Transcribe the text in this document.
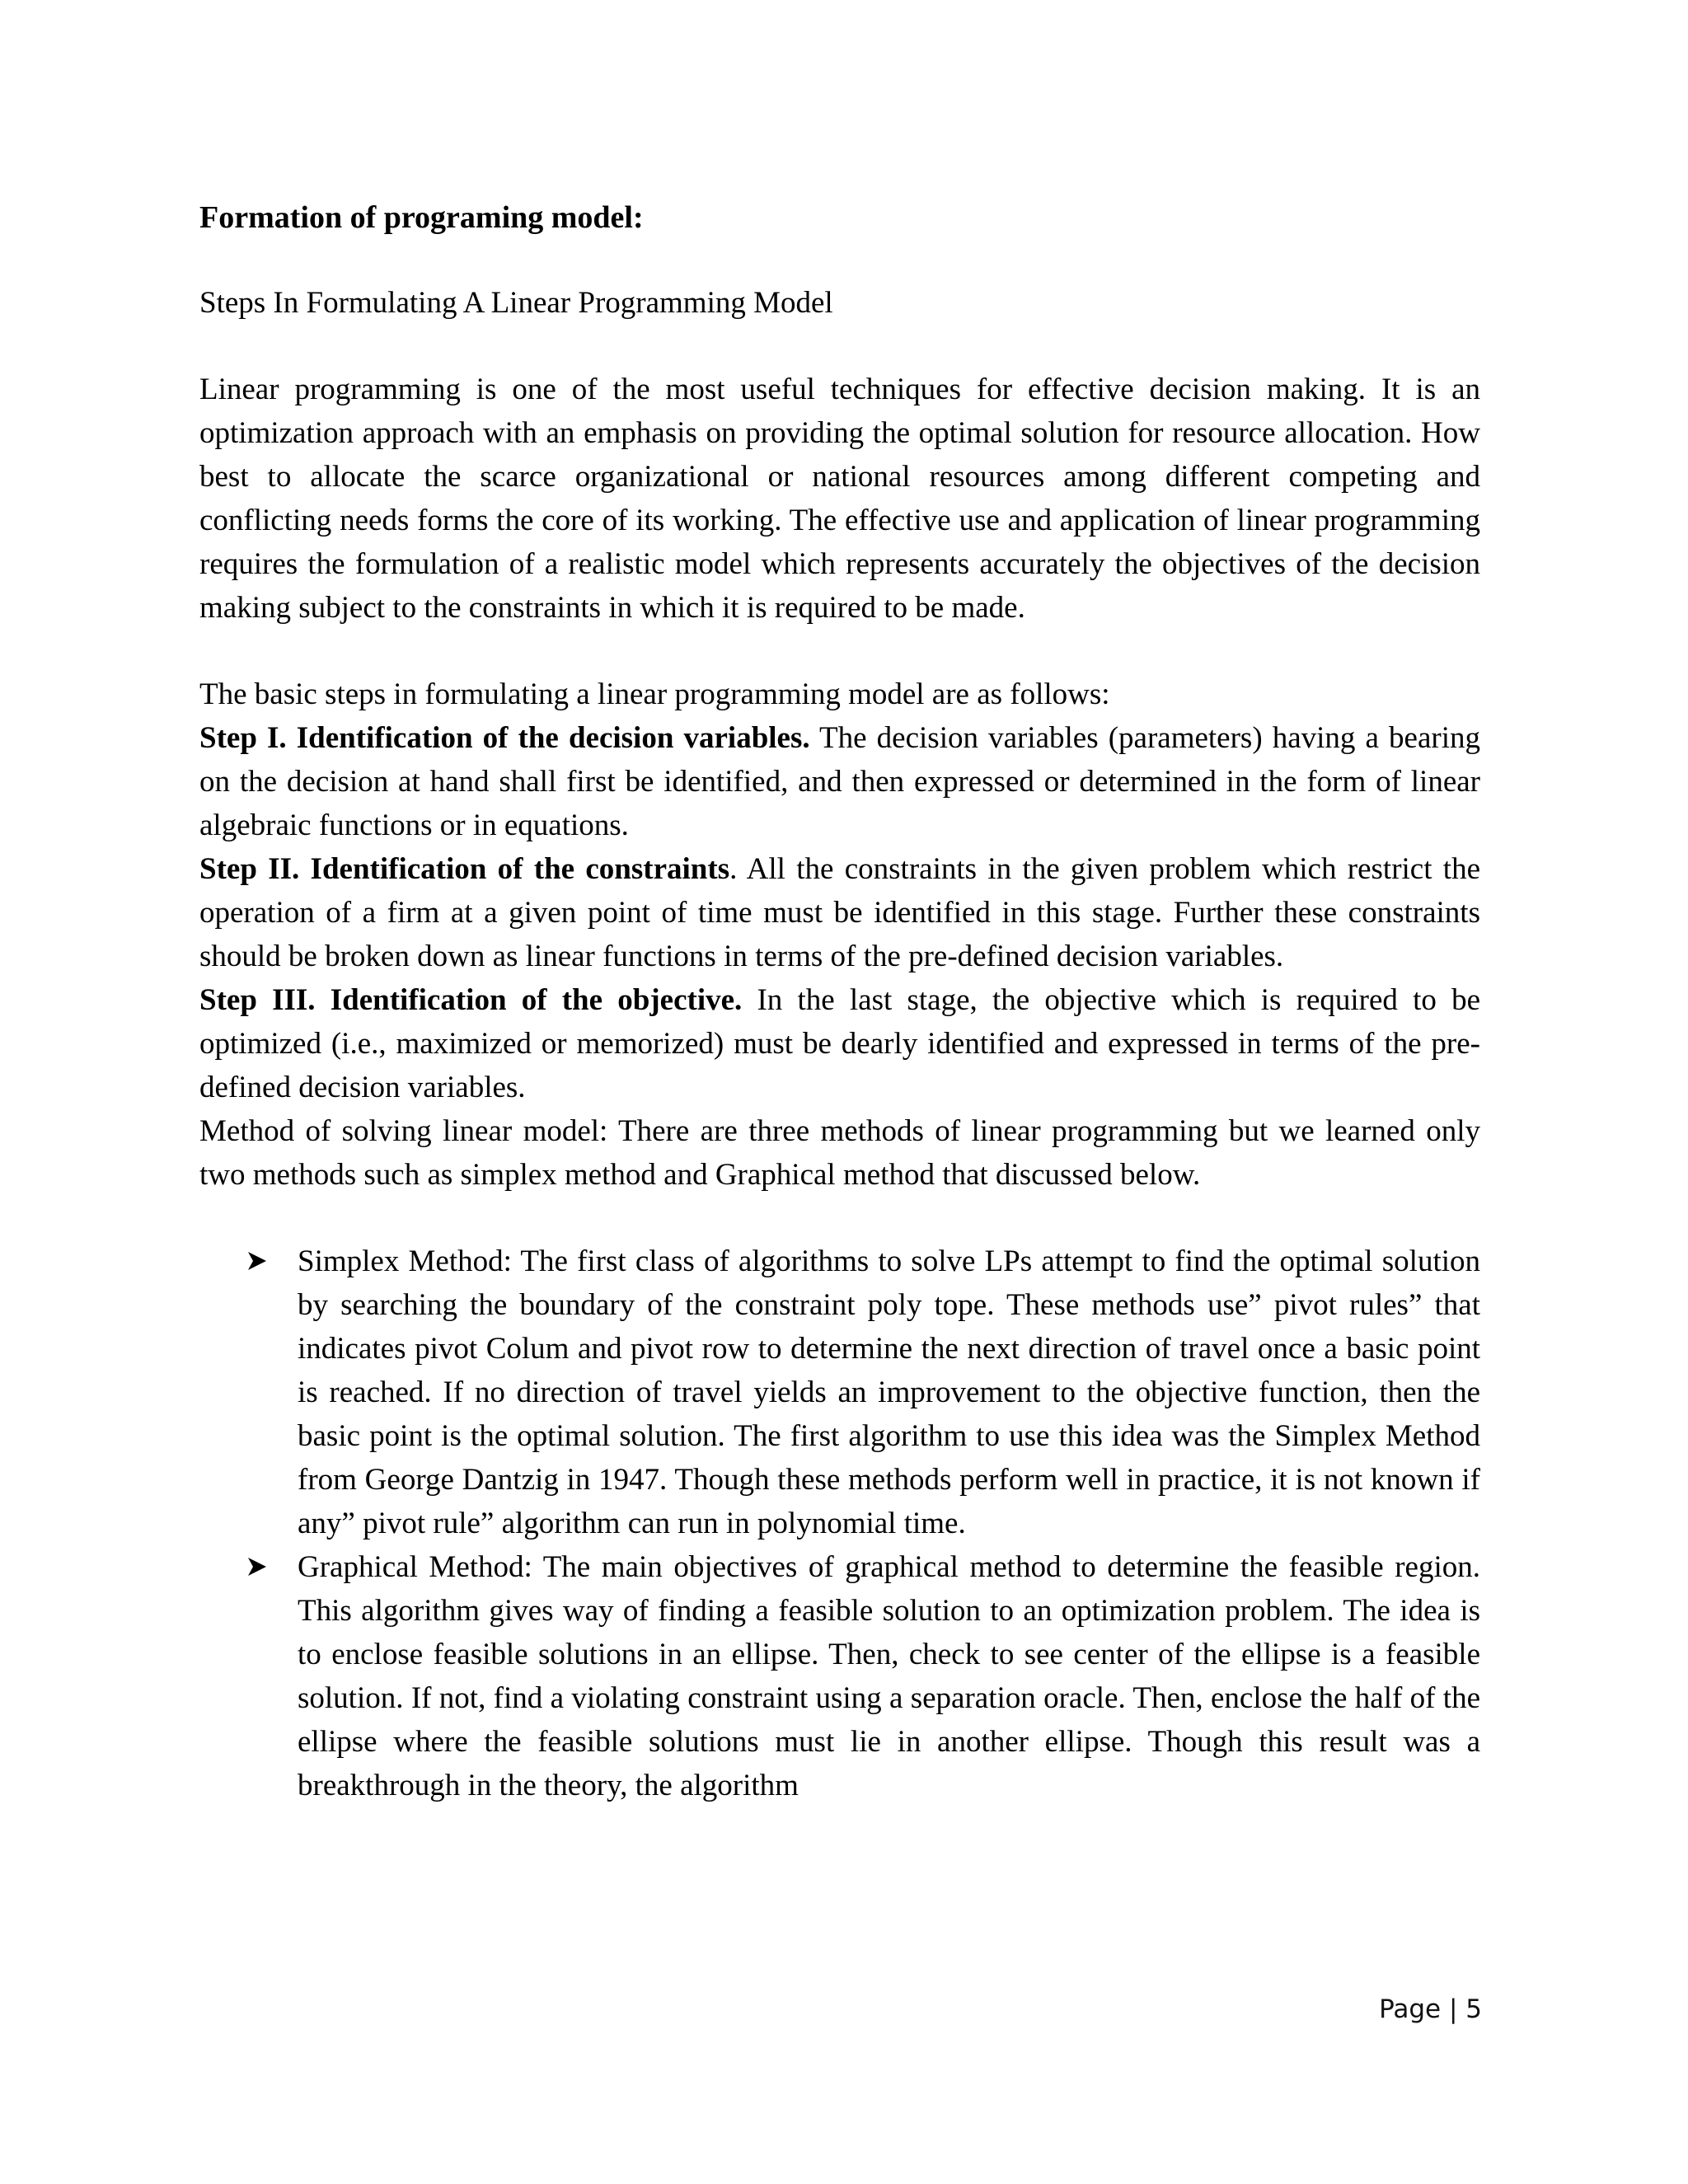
Formation of programing model:

Steps In Formulating A Linear Programming Model

Linear programming is one of the most useful techniques for effective decision making. It is an optimization approach with an emphasis on providing the optimal solution for resource allocation. How best to allocate the scarce organizational or national resources among different competing and conflicting needs forms the core of its working. The effective use and application of linear programming requires the formulation of a realistic model which represents accurately the objectives of the decision making subject to the constraints in which it is required to be made.

The basic steps in formulating a linear programming model are as follows:

Step I. Identification of the decision variables. The decision variables (parameters) having a bearing on the decision at hand shall first be identified, and then expressed or determined in the form of linear algebraic functions or in equations.

Step II. Identification of the constraints. All the constraints in the given problem which restrict the operation of a firm at a given point of time must be identified in this stage. Further these constraints should be broken down as linear functions in terms of the pre-defined decision variables.

Step III. Identification of the objective. In the last stage, the objective which is required to be optimized (i.e., maximized or memorized) must be dearly identified and expressed in terms of the pre-defined decision variables.

Method of solving linear model: There are three methods of linear programming but we learned only two methods such as simplex method and Graphical method that discussed below.

Simplex Method: The first class of algorithms to solve LPs attempt to find the optimal solution by searching the boundary of the constraint poly tope. These methods use” pivot rules” that indicates pivot Colum and pivot row to determine the next direction of travel once a basic point is reached. If no direction of travel yields an improvement to the objective function, then the basic point is the optimal solution. The first algorithm to use this idea was the Simplex Method from George Dantzig in 1947. Though these methods perform well in practice, it is not known if any” pivot rule” algorithm can run in polynomial time.
Graphical Method: The main objectives of graphical method to determine the feasible region. This algorithm gives way of finding a feasible solution to an optimization problem. The idea is to enclose feasible solutions in an ellipse. Then, check to see center of the ellipse is a feasible solution. If not, find a violating constraint using a separation oracle. Then, enclose the half of the ellipse where the feasible solutions must lie in another ellipse. Though this result was a breakthrough in the theory, the algorithm
Page | 5
